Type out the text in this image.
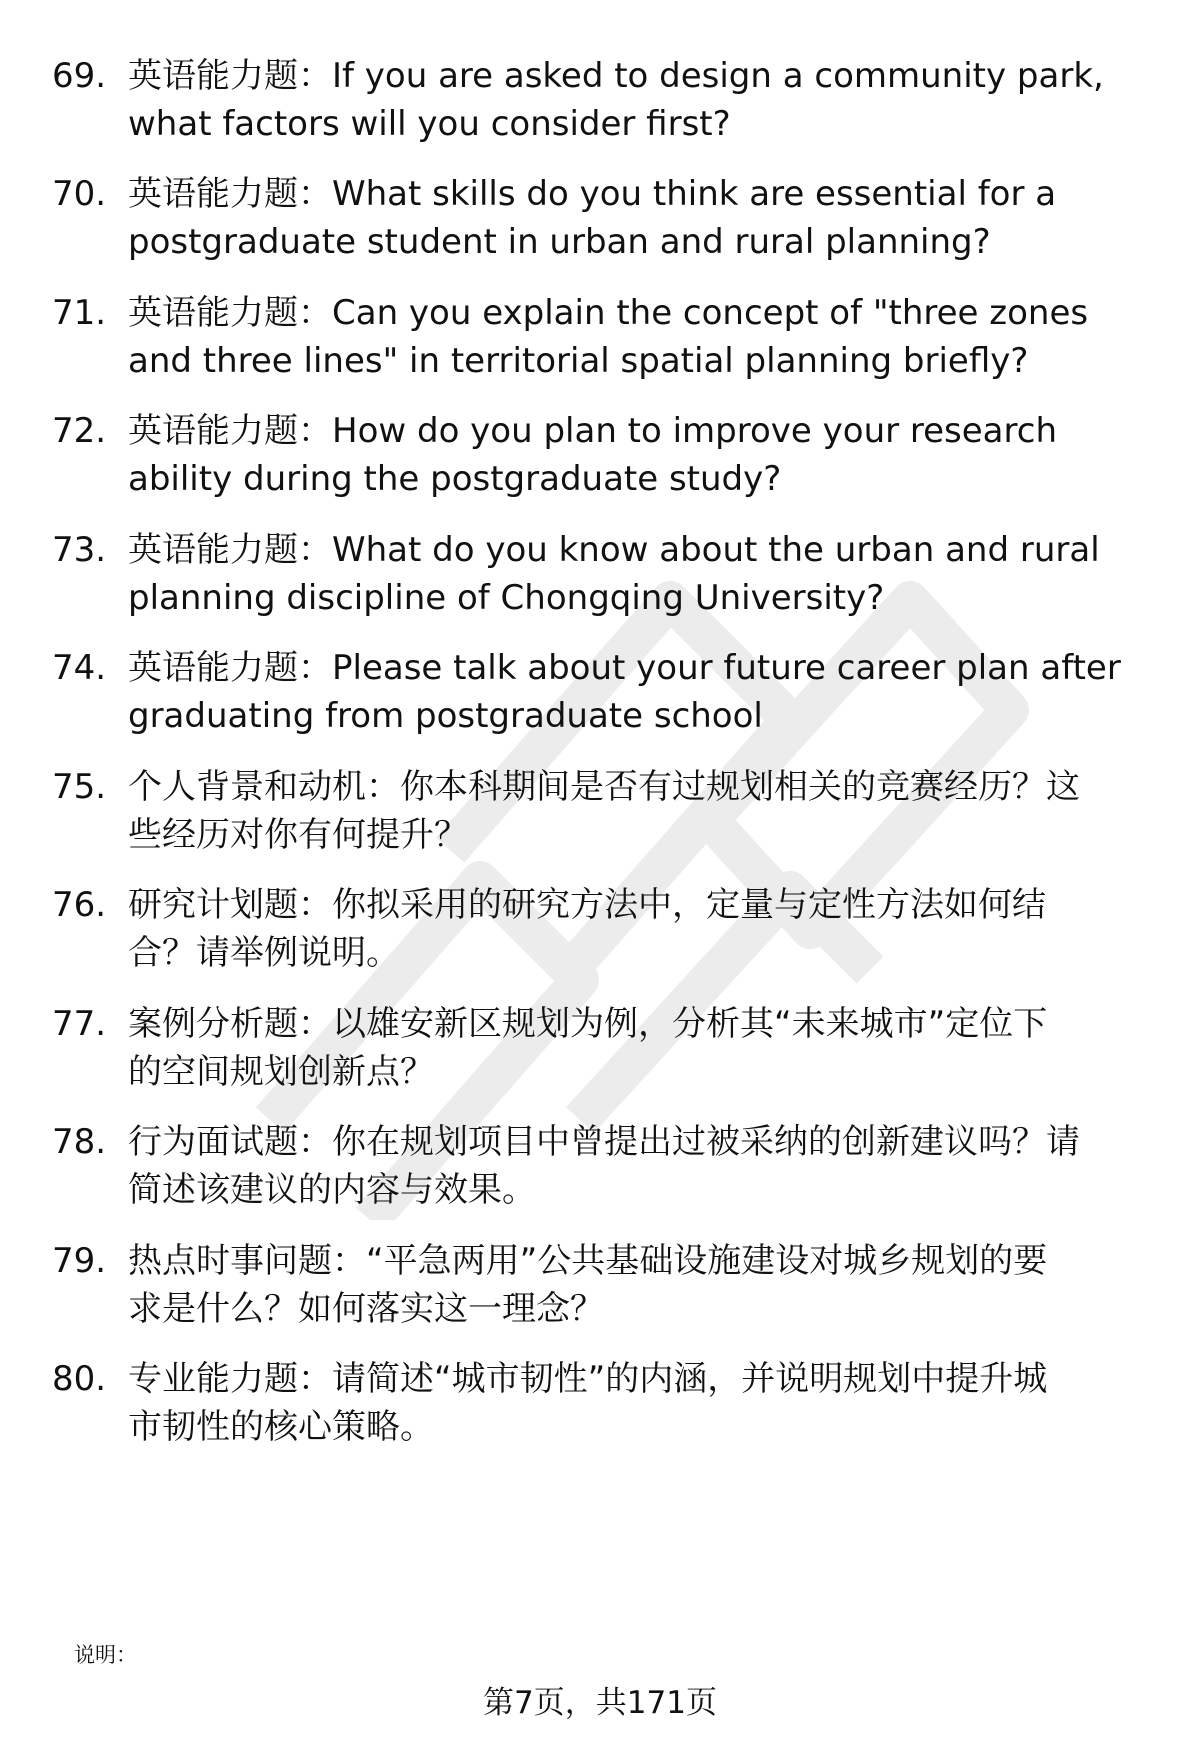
69. 英语能力题：If you are asked to design a community park,
what factors will you consider first?
70. 英语能力题：What skills do you think are essential for a
postgraduate student in urban and rural planning?
71. 英语能力题：Can you explain the concept of "three zones
and three lines" in territorial spatial planning briefly?
72. 英语能力题：How do you plan to improve your research
ability during the postgraduate study?
73. 英语能力题：What do you know about the urban and rural
planning discipline of Chongqing University?
74. 英语能力题：Please talk about your future career plan after
graduating from postgraduate school
75. 个人背景和动机：你本科期间是否有过规划相关的竞赛经历？这
些经历对你有何提升？
76. 研究计划题：你拟采用的研究方法中，定量与定性方法如何结
合？请举例说明。
77. 案例分析题：以雄安新区规划为例，分析其“未来城市”定位下
的空间规划创新点？
78. 行为面试题：你在规划项目中曾提出过被采纳的创新建议吗？请
简述该建议的内容与效果。
79. 热点时事问题：“平急两用”公共基础设施建设对城乡规划的要
求是什么？如何落实这一理念？
80. 专业能力题：请简述“城市韧性”的内涵，并说明规划中提升城
市韧性的核心策略。
说明：
第7页，共171页
